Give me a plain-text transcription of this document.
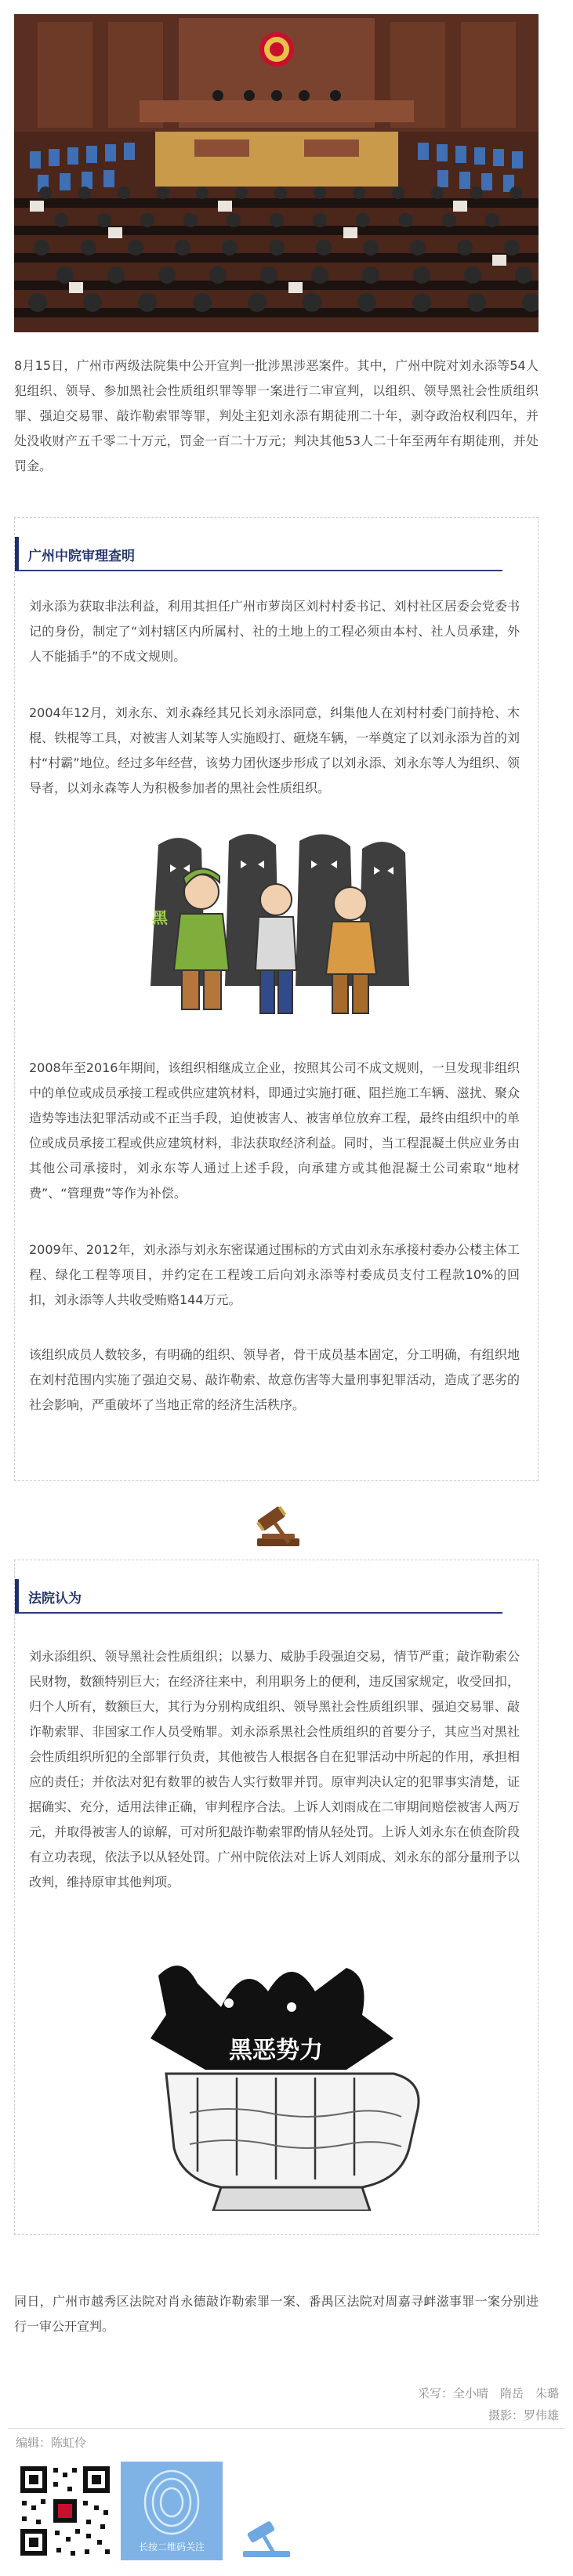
8月15日，广州市两级法院集中公开宣判一批涉黑涉恶案件。其中，广州中院对刘永添等54人犯组织、领导、参加黑社会性质组织罪等罪一案进行二审宣判，以组织、领导黑社会性质组织罪、强迫交易罪、敲诈勒索罪等罪，判处主犯刘永添有期徒刑二十年，剥夺政治权利四年，并处没收财产五千零二十万元，罚金一百二十万元；判决其他53人二十年至两年有期徒刑，并处罚金。

广州中院审理查明

刘永添为获取非法利益，利用其担任广州市萝岗区刘村村委书记、刘村社区居委会党委书记的身份，制定了“刘村辖区内所属村、社的土地上的工程必须由本村、社人员承建，外人不能插手”的不成文规则。

2004年12月，刘永东、刘永森经其兄长刘永添同意，纠集他人在刘村村委门前持枪、木棍、铁棍等工具，对被害人刘某等人实施殴打、砸烧车辆，一举奠定了以刘永添为首的刘村“村霸”地位。经过多年经营，该势力团伙逐步形成了以刘永添、刘永东等人为组织、领导者，以刘永森等人为积极参加者的黑社会性质组织。

黑

2008年至2016年期间，该组织相继成立企业，按照其公司不成文规则，一旦发现非组织中的单位或成员承接工程或供应建筑材料，即通过实施打砸、阻拦施工车辆、滋扰、聚众造势等违法犯罪活动或不正当手段，迫使被害人、被害单位放弃工程，最终由组织中的单位或成员承接工程或供应建筑材料，非法获取经济利益。同时，当工程混凝土供应业务由其他公司承接时，刘永东等人通过上述手段，向承建方或其他混凝土公司索取“地材费”、“管理费”等作为补偿。

2009年、2012年，刘永添与刘永东密谋通过围标的方式由刘永东承接村委办公楼主体工程、绿化工程等项目，并约定在工程竣工后向刘永添等村委成员支付工程款10%的回扣，刘永添等人共收受贿赂144万元。

该组织成员人数较多，有明确的组织、领导者，骨干成员基本固定，分工明确，有组织地在刘村范围内实施了强迫交易、敲诈勒索、故意伤害等大量刑事犯罪活动，造成了恶劣的社会影响，严重破坏了当地正常的经济生活秩序。

法院认为

刘永添组织、领导黑社会性质组织；以暴力、威胁手段强迫交易，情节严重；敲诈勒索公民财物，数额特别巨大；在经济往来中，利用职务上的便利，违反国家规定，收受回扣，归个人所有，数额巨大，其行为分别构成组织、领导黑社会性质组织罪、强迫交易罪、敲诈勒索罪、非国家工作人员受贿罪。刘永添系黑社会性质组织的首要分子，其应当对黑社会性质组织所犯的全部罪行负责，其他被告人根据各自在犯罪活动中所起的作用，承担相应的责任；并依法对犯有数罪的被告人实行数罪并罚。原审判决认定的犯罪事实清楚，证据确实、充分，适用法律正确，审判程序合法。上诉人刘雨成在二审期间赔偿被害人两万元，并取得被害人的谅解，可对所犯敲诈勒索罪酌情从轻处罚。上诉人刘永东在侦查阶段有立功表现，依法予以从轻处罚。广州中院依法对上诉人刘雨成、刘永东的部分量刑予以改判，维持原审其他判项。

黑恶势力

同日，广州市越秀区法院对肖永德敲诈勒索罪一案、番禺区法院对周嘉寻衅滋事罪一案分别进行一审公开宣判。

采写：全小晴　隋岳　朱璐
摄影：罗伟雄
编辑：陈虹伶
长按二维码关注
